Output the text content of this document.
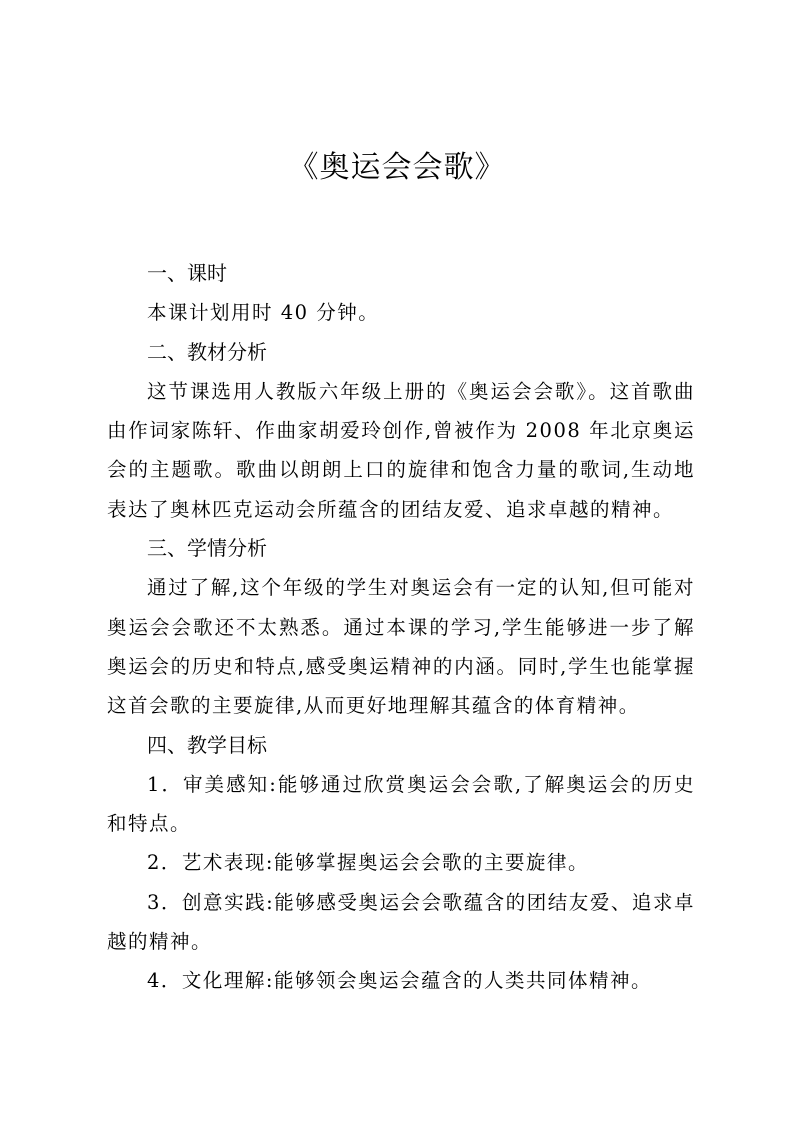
《奥运会会歌》

一、课时

本课计划用时 40 分钟。

二、教材分析

这节课选用人教版六年级上册的《奥运会会歌》。这首歌曲由作词家陈轩、作曲家胡爱玲创作,曾被作为 2008 年北京奥运会的主题歌。歌曲以朗朗上口的旋律和饱含力量的歌词,生动地表达了奥林匹克运动会所蕴含的团结友爱、追求卓越的精神。

三、学情分析

通过了解,这个年级的学生对奥运会有一定的认知,但可能对奥运会会歌还不太熟悉。通过本课的学习,学生能够进一步了解奥运会的历史和特点,感受奥运精神的内涵。同时,学生也能掌握这首会歌的主要旋律,从而更好地理解其蕴含的体育精神。

四、教学目标

1．审美感知:能够通过欣赏奥运会会歌,了解奥运会的历史和特点。

2．艺术表现:能够掌握奥运会会歌的主要旋律。

3．创意实践:能够感受奥运会会歌蕴含的团结友爱、追求卓越的精神。

4．文化理解:能够领会奥运会蕴含的人类共同体精神。
